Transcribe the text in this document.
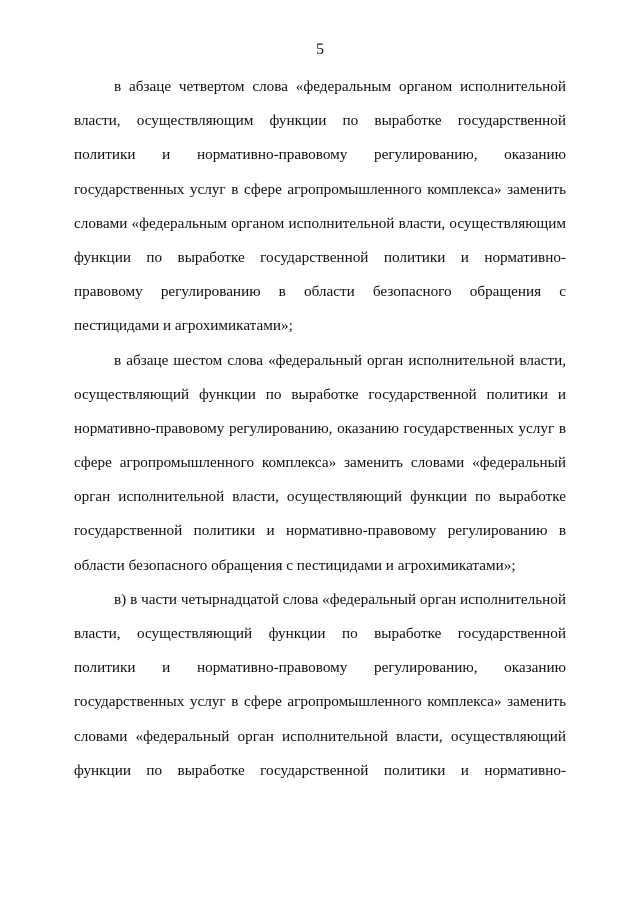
5
в абзаце четвертом слова «федеральным органом исполнительной
власти, осуществляющим функции по выработке государственной
политики и нормативно-правовому регулированию, оказанию
государственных услуг в сфере агропромышленного комплекса» заменить
словами «федеральным органом исполнительной власти, осуществляющим
функции по выработке государственной политики и нормативно-
правовому регулированию в области безопасного обращения с
пестицидами и агрохимикатами»;
в абзаце шестом слова «федеральный орган исполнительной власти,
осуществляющий функции по выработке государственной политики и
нормативно-правовому регулированию, оказанию государственных услуг в
сфере агропромышленного комплекса» заменить словами «федеральный
орган исполнительной власти, осуществляющий функции по выработке
государственной политики и нормативно-правовому регулированию в
области безопасного обращения с пестицидами и агрохимикатами»;
в) в части четырнадцатой слова «федеральный орган исполнительной
власти, осуществляющий функции по выработке государственной
политики и нормативно-правовому регулированию, оказанию
государственных услуг в сфере агропромышленного комплекса» заменить
словами «федеральный орган исполнительной власти, осуществляющий
функции по выработке государственной политики и нормативно-
